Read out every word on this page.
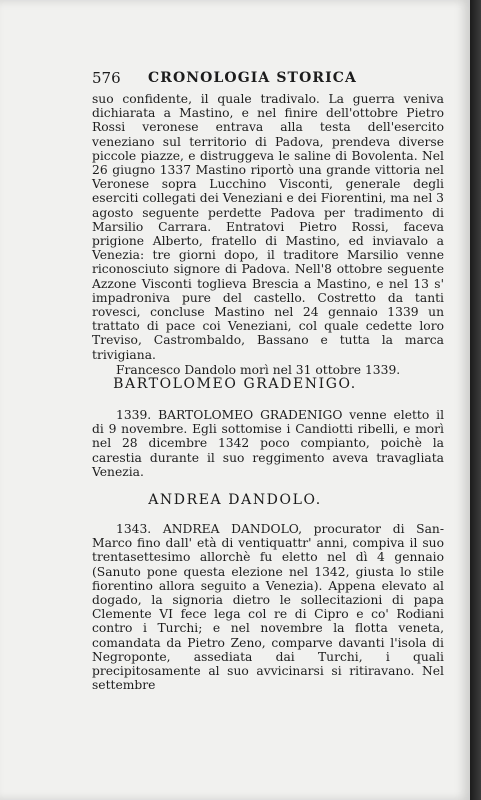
576 CRONOLOGIA STORICA

suo confidente, il quale tradivalo. La guerra veniva dichiarata a Mastino, e nel finire dell'ottobre Pietro Rossi veronese entrava alla testa dell'esercito veneziano sul territorio di Padova, prendeva diverse piccole piazze, e distruggeva le saline di Bovolenta. Nel 26 giugno 1337 Mastino riportò una grande vittoria nel Veronese sopra Lucchino Visconti, generale degli eserciti collegati dei Veneziani e dei Fiorentini, ma nel 3 agosto seguente perdette Padova per tradimento di Marsilio Carrara. Entratovi Pietro Rossi, faceva prigione Alberto, fratello di Mastino, ed inviavalo a Venezia: tre giorni dopo, il traditore Marsilio venne riconosciuto signore di Padova. Nell'8 ottobre seguente Azzone Visconti toglieva Brescia a Mastino, e nel 13 s' impadroniva pure del castello. Costretto da tanti rovesci, concluse Mastino nel 24 gennaio 1339 un trattato di pace coi Veneziani, col quale cedette loro Treviso, Castrombaldo, Bassano e tutta la marca trivigiana.

Francesco Dandolo morì nel 31 ottobre 1339.

BARTOLOMEO GRADENIGO.

1339. BARTOLOMEO GRADENIGO venne eletto il di 9 novembre. Egli sottomise i Candiotti ribelli, e morì nel 28 dicembre 1342 poco compianto, poichè la carestia durante il suo reggimento aveva travagliata Venezia.

ANDREA DANDOLO.

1343. ANDREA DANDOLO, procurator di San-Marco fino dall' età di ventiquattr' anni, compiva il suo trentasettesimo allorchè fu eletto nel dì 4 gennaio (Sanuto pone questa elezione nel 1342, giusta lo stile fiorentino allora seguito a Venezia). Appena elevato al dogado, la signoria dietro le sollecitazioni di papa Clemente VI fece lega col re di Cipro e co' Rodiani contro i Turchi; e nel novembre la flotta veneta, comandata da Pietro Zeno, comparve davanti l'isola di Negroponte, assediata dai Turchi, i quali precipitosamente al suo avvicinarsi si ritiravano. Nel settembre
